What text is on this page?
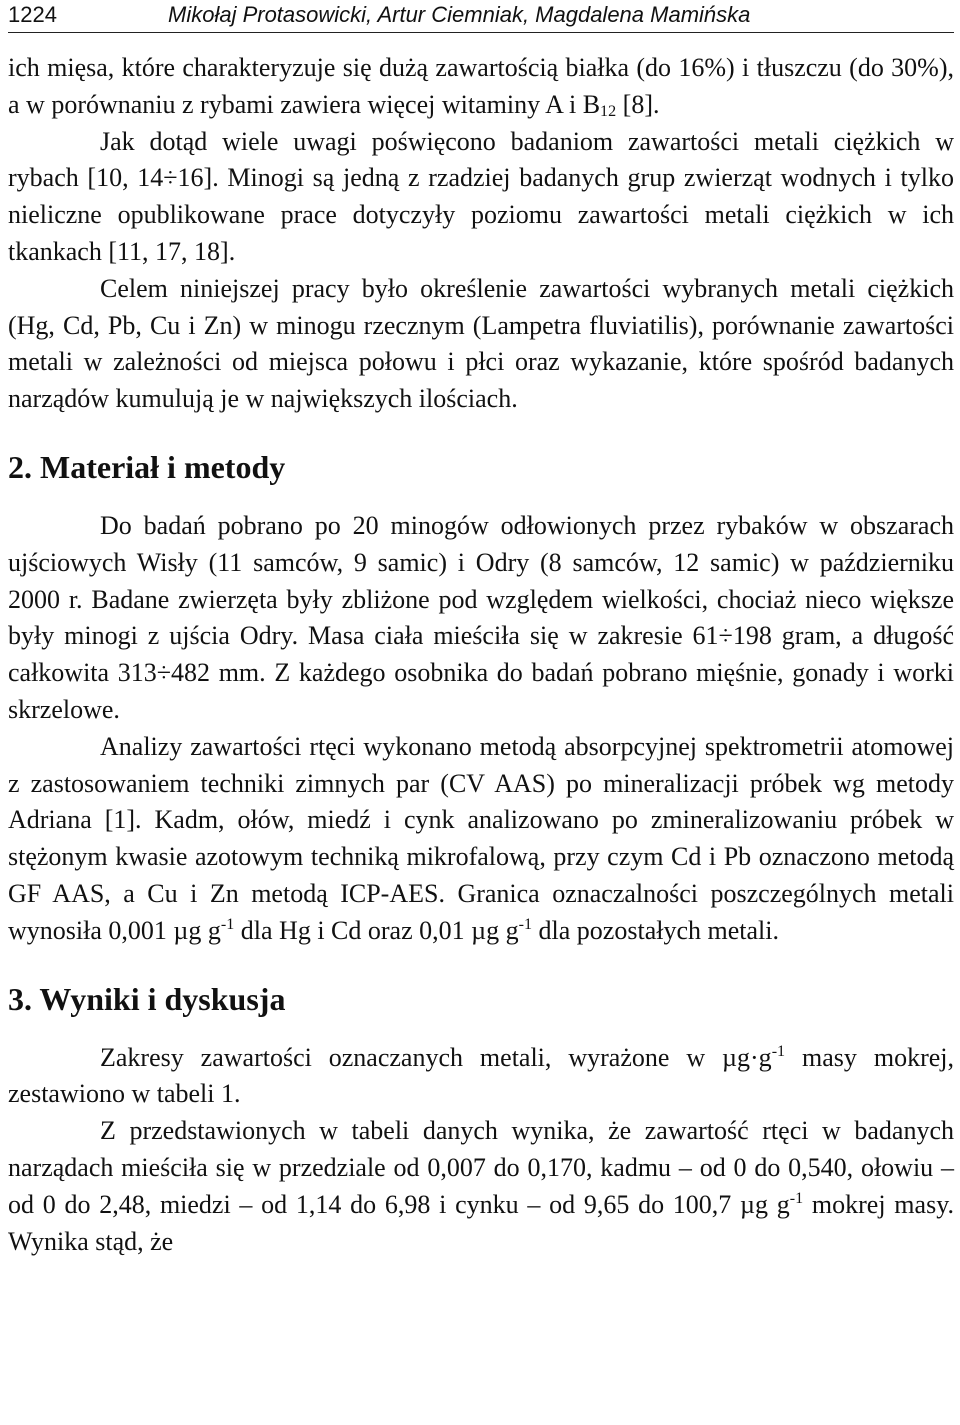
1224	Mikołaj Protasowicki, Artur Ciemniak, Magdalena Mamińska

ich mięsa, które charakteryzuje się dużą zawartością białka (do 16%) i tłuszczu (do 30%), a w porównaniu z rybami zawiera więcej witaminy A i $B_{12}$ [8].

Jak dotąd wiele uwagi poświęcono badaniom zawartości metali ciężkich w rybach [10, 14÷16]. Minogi są jedną z rzadziej badanych grup zwierząt wodnych i tylko nieliczne opublikowane prace dotyczyły poziomu zawartości metali ciężkich w ich tkankach [11, 17, 18].

Celem niniejszej pracy było określenie zawartości wybranych metali ciężkich (Hg, Cd, Pb, Cu i Zn) w minogu rzecznym (Lampetra fluviatilis), porównanie zawartości metali w zależności od miejsca połowu i płci oraz wykazanie, które spośród badanych narządów kumulują je w największych ilościach.

2. Materiał i metody

Do badań pobrano po 20 minogów odłowionych przez rybaków w obszarach ujściowych Wisły (11 samców, 9 samic) i Odry (8 samców, 12 samic) w październiku 2000 r. Badane zwierzęta były zbliżone pod względem wielkości, chociaż nieco większe były minogi z ujścia Odry. Masa ciała mieściła się w zakresie 61÷198 gram, a długość całkowita 313÷482 mm. Z każdego osobnika do badań pobrano mięśnie, gonady i worki skrzelowe.

Analizy zawartości rtęci wykonano metodą absorpcyjnej spektrometrii atomowej z zastosowaniem techniki zimnych par (CV AAS) po mineralizacji próbek wg metody Adriana [1]. Kadm, ołów, miedź i cynk analizowano po zmineralizowaniu próbek w stężonym kwasie azotowym techniką mikrofalową, przy czym Cd i Pb oznaczono metodą GF AAS, a Cu i Zn metodą ICP-AES. Granica oznaczalności poszczególnych metali wynosiła 0,001 µg $g^{-1}$ dla Hg i Cd oraz 0,01 µg $g^{-1}$ dla pozostałych metali.

3. Wyniki i dyskusja

Zakresy zawartości oznaczanych metali, wyrażone w $\mu g\cdot g^{-1}$ masy mokrej, zestawiono w tabeli 1.

Z przedstawionych w tabeli danych wynika, że zawartość rtęci w badanych narządach mieściła się w przedziale od 0,007 do 0,170, kadmu – od 0 do 0,540, ołowiu – od 0 do 2,48, miedzi – od 1,14 do 6,98 i cynku – od 9,65 do 100,7 µg $g^{-1}$ mokrej masy. Wynika stąd, że
